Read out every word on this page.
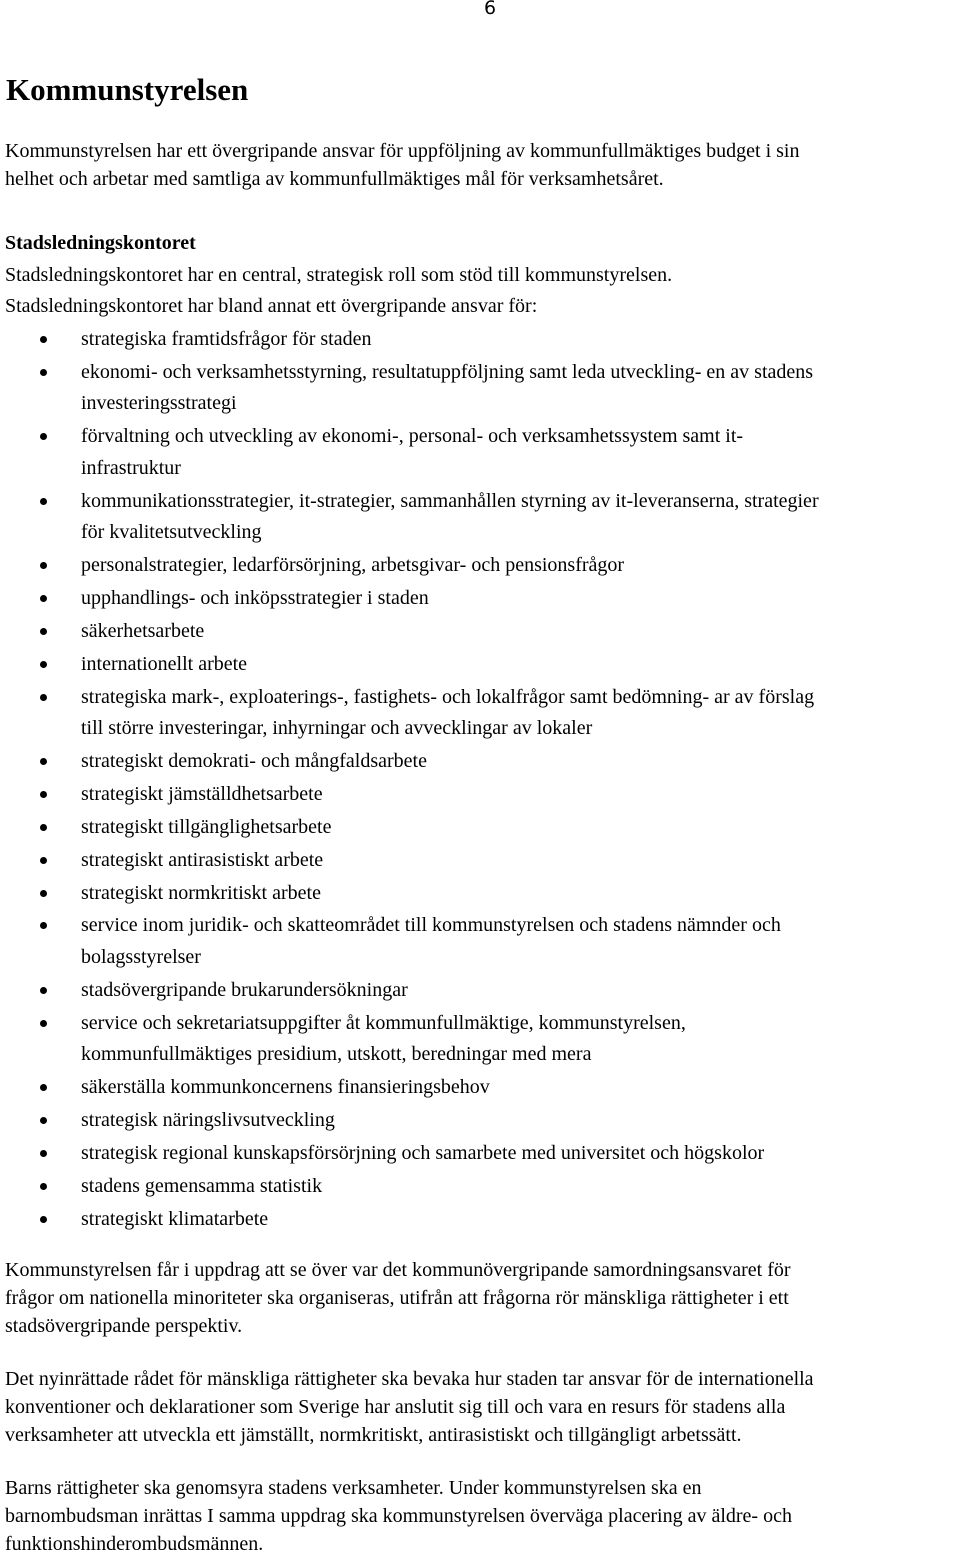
6
Kommunstyrelsen

Kommunstyrelsen har ett övergripande ansvar för uppföljning av kommunfullmäktiges budget i sin
helhet och arbetar med samtliga av kommunfullmäktiges mål för verksamhetsåret.

Stadsledningskontoret

Stadsledningskontoret har en central, strategisk roll som stöd till kommunstyrelsen.

Stadsledningskontoret har bland annat ett övergripande ansvar för:

strategiska framtidsfrågor för staden
ekonomi- och verksamhetsstyrning, resultatuppföljning samt leda utveckling- en av stadens
investeringsstrategi
förvaltning och utveckling av ekonomi-, personal- och verksamhetssystem samt it-
infrastruktur
kommunikationsstrategier, it-strategier, sammanhållen styrning av it-leveranserna, strategier
för kvalitetsutveckling
personalstrategier, ledarförsörjning, arbetsgivar- och pensionsfrågor
upphandlings- och inköpsstrategier i staden
säkerhetsarbete
internationellt arbete
strategiska mark-, exploaterings-, fastighets- och lokalfrågor samt bedömning- ar av förslag
till större investeringar, inhyrningar och avvecklingar av lokaler
strategiskt demokrati- och mångfaldsarbete
strategiskt jämställdhetsarbete
strategiskt tillgänglighetsarbete
strategiskt antirasistiskt arbete
strategiskt normkritiskt arbete
service inom juridik- och skatteområdet till kommunstyrelsen och stadens nämnder och
bolagsstyrelser
stadsövergripande brukarundersökningar
service och sekretariatsuppgifter åt kommunfullmäktige, kommunstyrelsen,
kommunfullmäktiges presidium, utskott, beredningar med mera
säkerställa kommunkoncernens finansieringsbehov
strategisk näringslivsutveckling
strategisk regional kunskapsförsörjning och samarbete med universitet och högskolor
stadens gemensamma statistik
strategiskt klimatarbete

Kommunstyrelsen får i uppdrag att se över var det kommunövergripande samordningsansvaret för
frågor om nationella minoriteter ska organiseras, utifrån att frågorna rör mänskliga rättigheter i ett
stadsövergripande perspektiv.

Det nyinrättade rådet för mänskliga rättigheter ska bevaka hur staden tar ansvar för de internationella
konventioner och deklarationer som Sverige har anslutit sig till och vara en resurs för stadens alla
verksamheter att utveckla ett jämställt, normkritiskt, antirasistiskt och tillgängligt arbetssätt.

Barns rättigheter ska genomsyra stadens verksamheter. Under kommunstyrelsen ska en
barnombudsman inrättas I samma uppdrag ska kommunstyrelsen överväga placering av äldre- och
funktionshinderombudsmännen.
